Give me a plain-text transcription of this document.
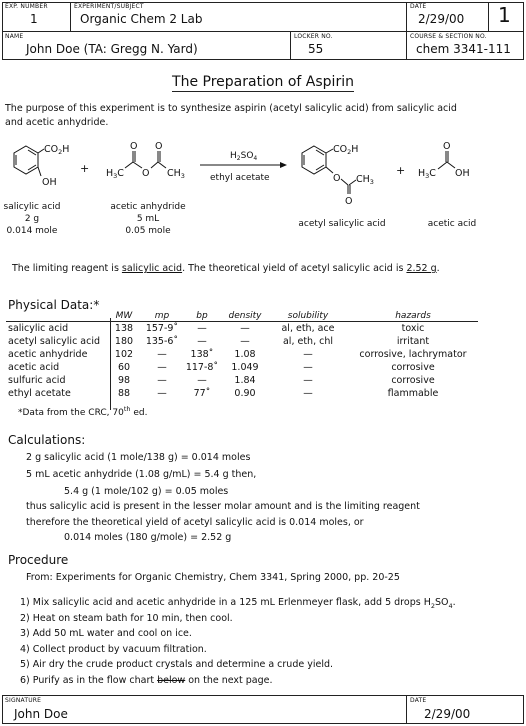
EXP. NUMBER
1
EXPERIMENT/SUBJECT
Organic Chem 2 Lab
DATE
2/29/00 1
NAME
John Doe (TA: Gregg N. Yard)
LOCKER NO.
55
COURSE & SECTION NO.
chem 3341-111
The Preparation of Aspirin
The purpose of this experiment is to synthesize aspirin (acetyl salicylic acid) from salicylic acid
and acetic anhydride.
$CO_2H$
OH
+ $H_3C$
O
O
O
$CH_3$
$H_2SO_4$
ethyl acetate
$CO_2H$
O $CH_3$
O
+ $H_3C$
O
OH
salicylic acid
2 g
0.014 mole
acetic anhydride
5 mL
0.05 mole
acetyl salicylic acid	acetic acid
The limiting reagent is salicylic acid. The theoretical yield of acetyl salicylic acid is 2.52 g.
Physical Data:*
	MW	mp	bp	density	solubility	hazards

salicylic acid	138	157-9˚	—	—	al, eth, ace	toxic
acetyl salicylic acid	180	135-6˚	—	—	al, eth, chl	irritant
acetic anhydride	102	—	138˚	1.08	—	corrosive, lachrymator
acetic acid	60	—	117-8˚	1.049	—	corrosive
sulfuric acid	98	—	—	1.84	—	corrosive
ethyl acetate	88	—	77˚	0.90	—	flammable
*Data from the CRC, 70th ed.
Calculations:
2 g salicylic acid (1 mole/138 g) = 0.014 moles
5 mL acetic anhydride (1.08 g/mL) = 5.4 g then,
5.4 g (1 mole/102 g) = 0.05 moles
thus salicylic acid is present in the lesser molar amount and is the limiting reagent
therefore the theoretical yield of acetyl salicylic acid is 0.014 moles, or
0.014 moles (180 g/mole) = 2.52 g
Procedure
From: Experiments for Organic Chemistry, Chem 3341, Spring 2000, pp. 20-25
1) Mix salicylic acid and acetic anhydride in a 125 mL Erlenmeyer flask, add 5 drops $H_2SO_4$.
2) Heat on steam bath for 10 min, then cool.
3) Add 50 mL water and cool on ice.
4) Collect product by vacuum filtration.
5) Air dry the crude product crystals and determine a crude yield.
6) Purify as in the flow chart below on the next page.
SIGNATURE
John Doe
DATE
2/29/00
